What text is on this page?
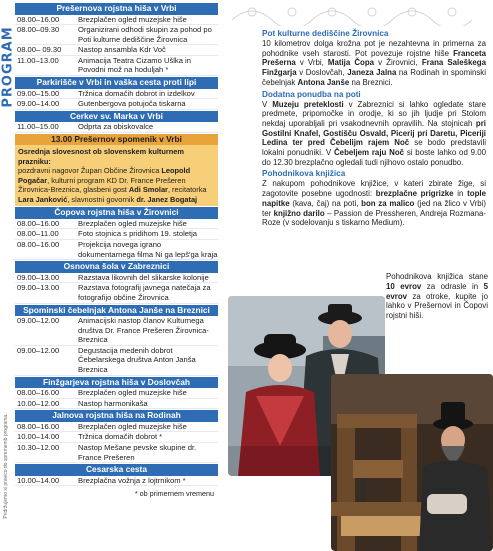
PROGRAM
Pridržujemo si pravico do sprememb programa.
Prešernova rojstna hiša v Vrbi
08.00–16.00	Brezplačen ogled muzejske hiše
08.00–09.30	Organizirani odhodi skupin za pohod po Poti kulturne dediščine Žirovnica
08.00– 09.30	Nastop ansambla Kdr Voč
11.00–13.00	Animacija Teatra Cizamo Ušlka in Povodni mož na hoduljah *
Parkirišče v Vrbi in vaška cesta proti lipi
09.00–15.00	Tržnica domačih dobrot in izdelkov
09.00–14.00	Gutenbergova potujoča tiskarna
Cerkev sv. Marka v Vrbi
11.00–15.00	Odprta za obiskovalce
13.00 Prešernov spomenik v Vrbi
Osrednja slovesnost ob slovenskem kulturnem prazniku:
pozdravni nagovor Župan Občine Žirovnica Leopold Pogačar, kulturni program KD Dr. France Prešeren Žirovnica-Breznica, glasbeni gost Adi Smolar, recitatorka Lara Janković, slavnostni govornik dr. Janez Bogataj
Čopova rojstna hiša v Žirovnici
08.00–16.00	Brezplačen ogled muzejske hiše
08.00–11.00	Foto stojnica s pridihom 19. stoletja
08.00–16.00	Projekcija novega igrano dokumentarnega filma Ni ga lepš'ga kraja
Osnovna šola v Zabreznici
09.00–13.00	Razstava likovnih del slikarske kolonije
09.00–13.00	Razstava fotografij javnega natečaja za fotografijo občine Žirovnica
Spominski čebelnjak Antona Janše na Breznici
09.00–12.00	Animacijski nastop članov Kulturnega društva Dr. France Prešeren Žirovnica-Breznica
09.00–12.00	Degustacija medenih dobrot Čebelarskega društva Anton Janša Breznica
Finžgarjeva rojstna hiša v Doslovčah
08.00–16.00	Brezplačen ogled muzejske hiše
10.00–12.00	Nastop harmonikaša
Jalnova rojstna hiša na Rodinah
08.00–16.00	Brezplačen ogled muzejske hiše
10.00–14.00	Tržnica domačih dobrot *
10.30–12.00	Nastop Mešane pevske skupine dr. France Prešeren
Cesarska cesta
10.00–14.00	Brezplačna vožnja z lojtrnikom *
* ob primernem vremenu
Pot kulturne dediščine Žirovnica

10 kilometrov dolga krožna pot je nezahtevna in primerna za pohodnike vseh starosti. Pot povezuje rojstne hiše Franceta Prešerna v Vrbi, Matija Čopa v Žirovnici, Frana Saleškega Finžgarja v Doslovčah, Janeza Jalna na Rodinah in spominski čebelnjak Antona Janše na Breznici.

Dodatna ponudba na poti

V Muzeju preteklosti v Zabreznici si lahko ogledate stare predmete, pripomočke in orodje, ki so jih ljudje pri Stolom nekdaj uporabljali pri vsakodnevnih opravilih. Na stojnicah pri Gostilni Knafel, Gostišču Osvald, Picerij pri Daretu, Piceriji Ledina ter pred Čebelijm rajem Noč se bodo predstavili lokalni ponudniki. V Čebeljem raju Noč si boste lahko od 9.00 do 12.30 brezplačno ogledali tudi njihovo ostalo ponudbo.

Pohodnikova knjižica

Z nakupom pohodnikove knjižice, v kateri zbirate žige, si zagotovite posebne ugodnosti: brezplačne prigrizke in tople napitke (kava, čaj) na poti, bon za malico (jed na žlico v Vrbi) ter knjižno darilo – Passion de Pressheren, Andreja Rozmana-Roze (v sodelovanju s tiskarno Medium).

Pohodnikova knjižica stane 10 evrov za odrasle in 5 evrov za otroke, kupite jo lahko v Prešernovi in Čopovi rojstni hiši.
